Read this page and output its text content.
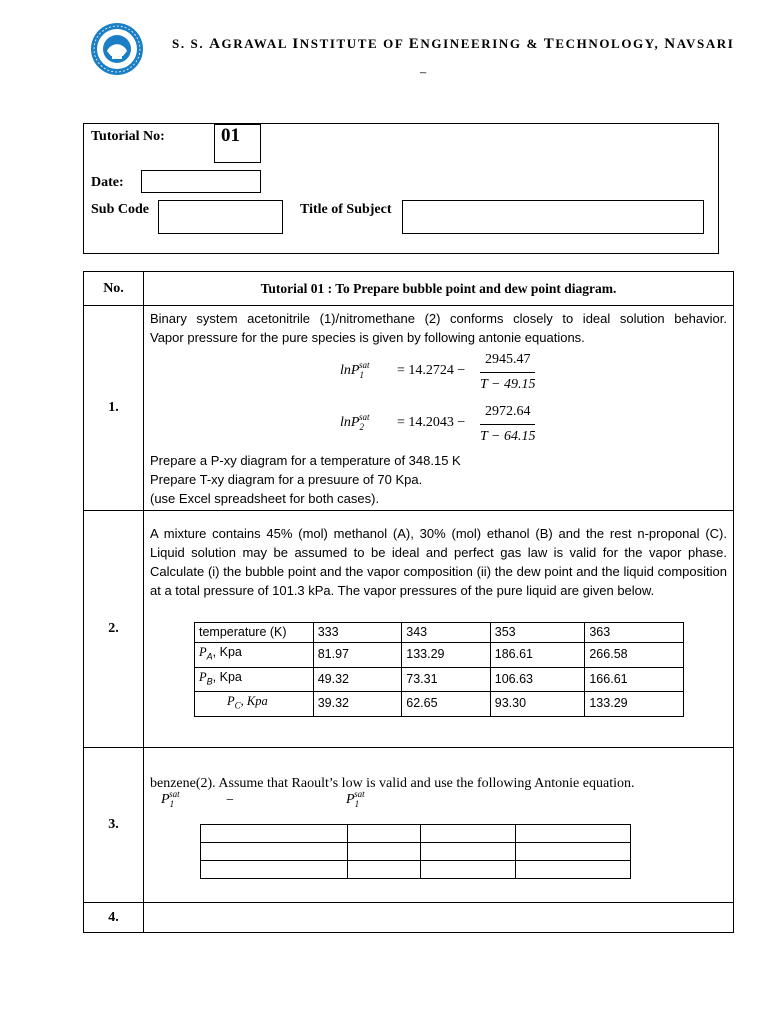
S. S. AGRAWAL INSTITUTE OF ENGINEERING & TECHNOLOGY, NAVSARI
_
Tutorial No:	01
Date:
Sub Code	Title of Subject
No.	Tutorial 01 : To Prepare bubble point and dew point diagram.
1.	
Binary system acetonitrile (1)/nitromethane (2) conforms closely to ideal solution behavior.
Vapor pressure for the pure species is given by following antonie equations.
lnP$_1^{sat}$	= $14.2724 - \frac{2945.47}{T - 49.15}$
lnP$_2^{sat}$	= $14.2043 - \frac{2972.64}{T - 64.15}$
Prepare a P-xy diagram for a temperature of 348.15 K
Prepare T-xy diagram for a presuure of 70 Kpa.
(use Excel spreadsheet for both cases).

2.	
A mixture contains 45% (mol) methanol (A), 30% (mol) ethanol (B) and the rest n-proponal (C). Liquid solution may be assumed to be ideal and perfect gas law is valid for the vapor phase. Calculate (i) the bubble point and the vapor composition (ii) the dew point and the liquid composition at a total pressure of 101.3 kPa. The vapor pressures of the pure liquid are given below.
temperature (K)	333	343	353	363
$P_A$, Kpa	81.97	133.29	186.61	266.58
$P_B$, Kpa	49.32	73.31	106.63	166.61
$P_C$, Kpa	39.32	62.65	93.30	133.29

3.	
benzene(2). Assume that Raoult’s low is valid and use the following Antonie equation.
$P_1^{sat}$	−	$P_1^{sat}$

4.	
